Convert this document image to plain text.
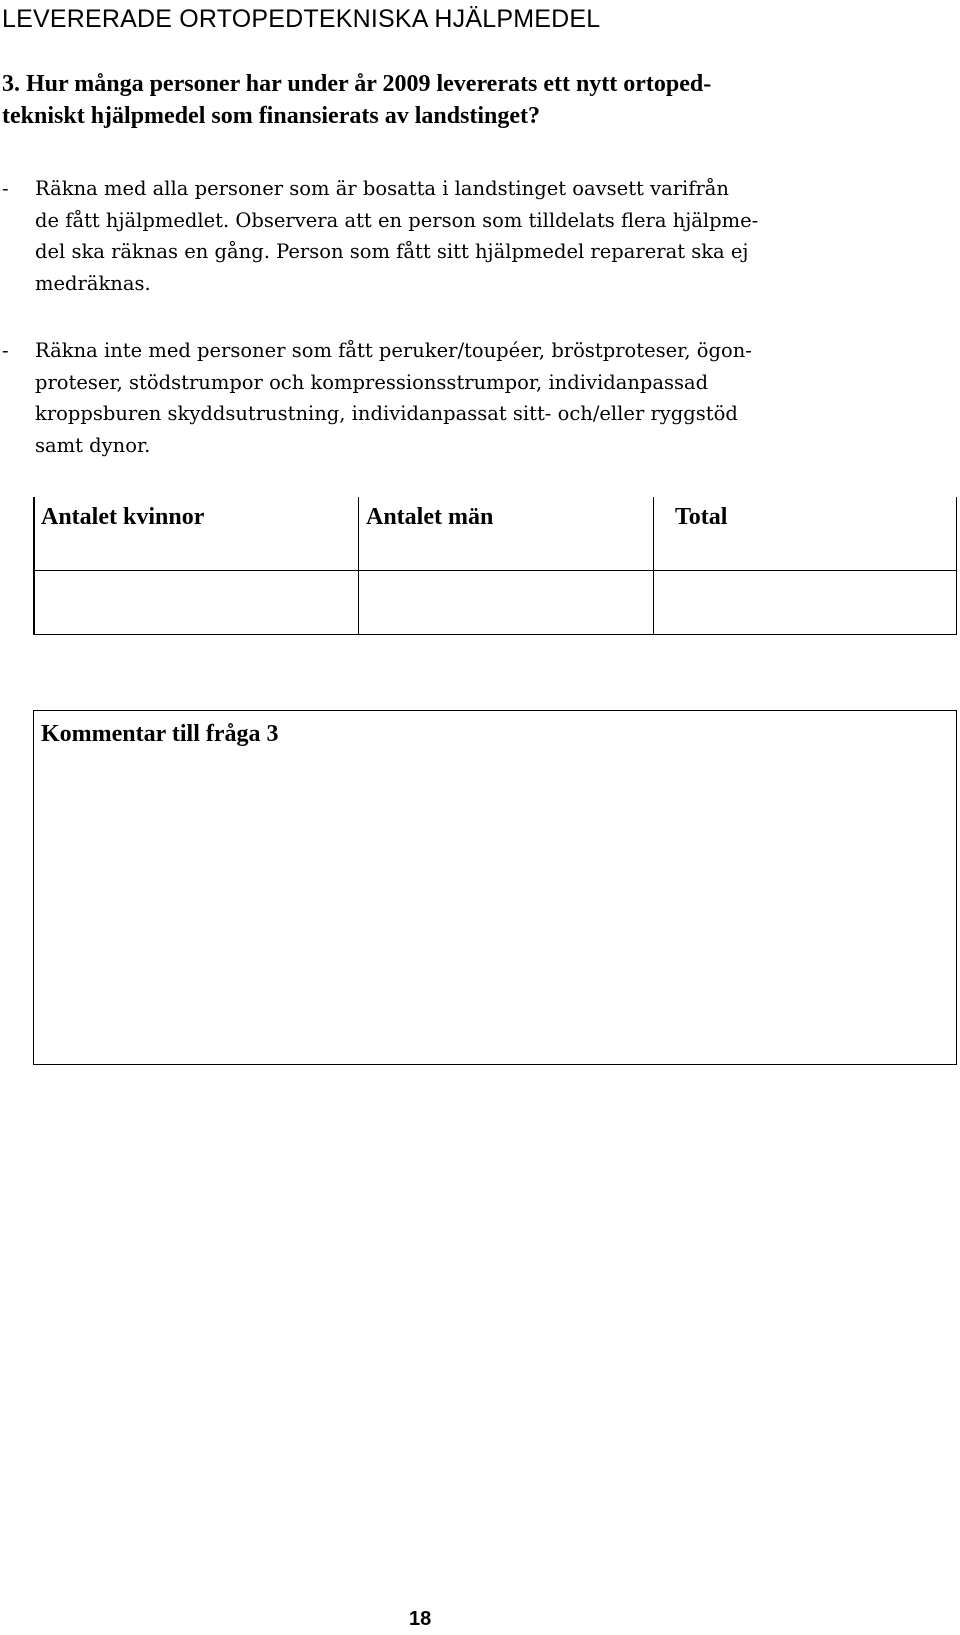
LEVERERADE ORTOPEDTEKNISKA HJÄLPMEDEL
3. Hur många personer har under år 2009 levererats ett nytt ortoped-
tekniskt hjälpmedel som finansierats av landstinget?

- Räkna med alla personer som är bosatta i landstinget oavsett varifrån
de fått hjälpmedlet. Observera att en person som tilldelats flera hjälpme-
del ska räknas en gång. Person som fått sitt hjälpmedel reparerat ska ej
medräknas.

- Räkna inte med personer som fått peruker/toupéer, bröstproteser, ögon-
proteser, stödstrumpor och kompressionsstrumpor, individanpassad
kroppsburen skyddsutrustning, individanpassat sitt- och/eller ryggstöd
samt dynor.

Antalet kvinnor	Antalet män	Total
Kommentar till fråga 3
18
